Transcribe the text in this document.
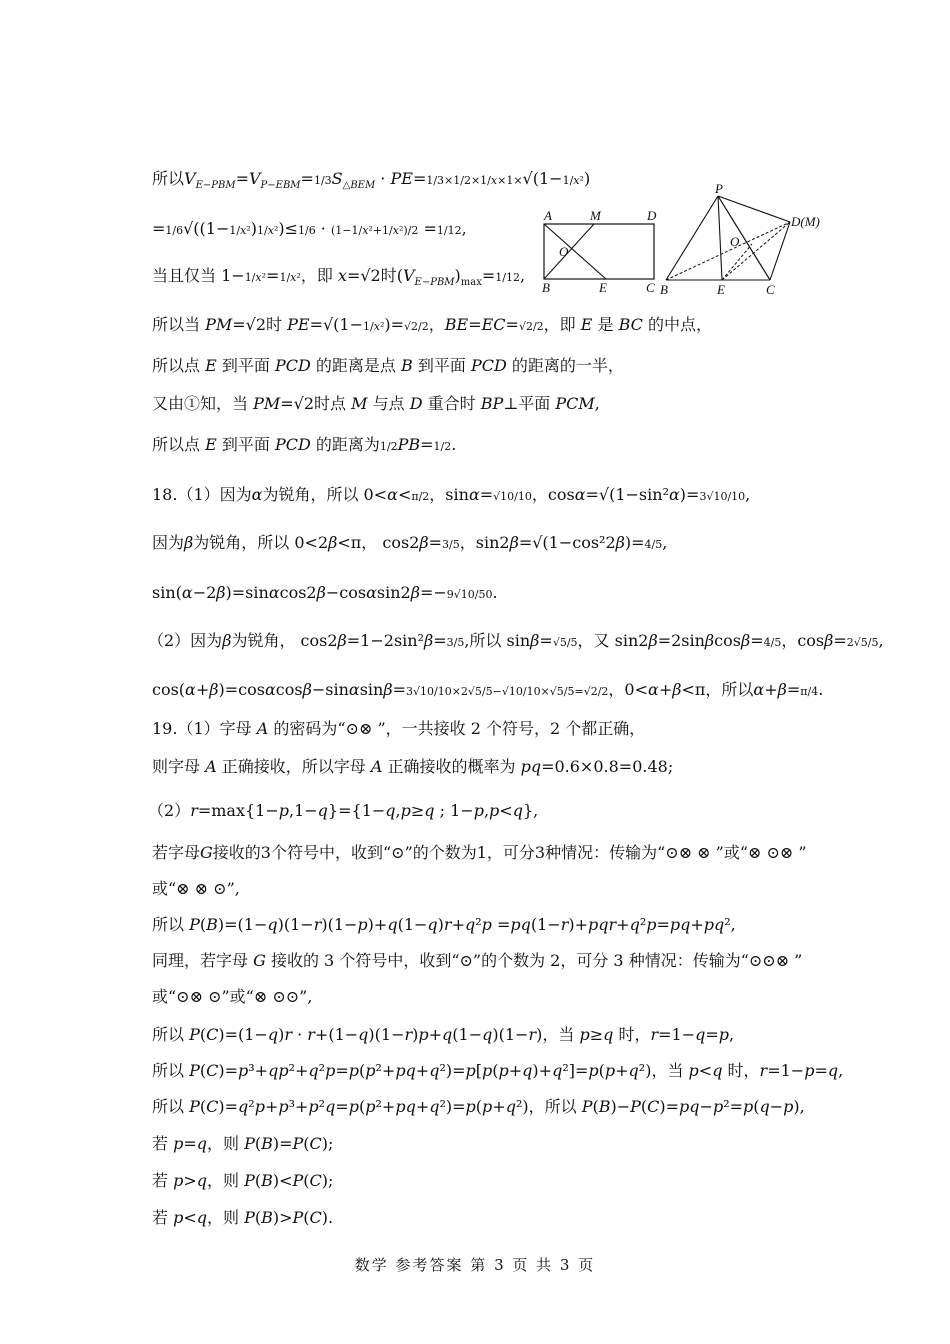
所以$V_{E-PBM}=V_{P-EBM}=1/3S_{\triangle BEM} \cdot PE=1/3\times 1/2\times 1/x\times 1\times√(1-1/x^2)$
=1/6√((1−1/x²)1/x²)≤1/6 · (1−1/x²+1/x²)/2 =1/12,
当且仅当 1−1/x²=1/x²，即 x=√2时$(V_{E-PBM})_{max}=1/12$,
所以当 PM=√2时 PE=√(1−1/x²)=√2/2，BE=EC=√2/2，即 E 是 BC 的中点，
所以点 E 到平面 PCD 的距离是点 B 到平面 PCD 的距离的一半，
又由①知，当 PM=√2时点 M 与点 D 重合时 BP⊥平面 PCM,
所以点 E 到平面 PCD 的距离为1/2PB=1/2.
18.（1）因为α为锐角，所以 0<α<π/2，sinα=√10/10，cosα=√(1−sin²α)=3√10/10,
因为β为锐角，所以 0<2β<π， cos2β=3/5，sin2β=√(1−cos²2β)=4/5,
sin(α−2β)=sinαcos2β−cosαsin2β=−9√10/50.
（2）因为β为锐角， cos2β=1−2sin²β=3/5,所以 sinβ=√5/5，又 sin2β=2sinβcosβ=4/5，cosβ=2√5/5,
cos(α+β)=cosαcosβ−sinαsinβ=3√10/10×2√5/5−√10/10×√5/5=√2/2，0<α+β<π，所以α+β=π/4.
19.（1）字母 A 的密码为“⊙⊗ ”，一共接收 2 个符号，2 个都正确，
则字母 A 正确接收，所以字母 A 正确接收的概率为 pq=0.6×0.8=0.48;
（2）r=max{1−p,1−q}={1−q,p≥q ; 1−p,p<q},
若字母G接收的3个符号中，收到“⊙”的个数为1，可分3种情况：传输为“⊙⊗ ⊗ ”或“⊗ ⊙⊗ ”
或“⊗ ⊗ ⊙”,
所以 P(B)=(1−q)(1−r)(1−p)+q(1−q)r+q²p =pq(1−r)+pqr+q²p=pq+pq²,
同理，若字母 G 接收的 3 个符号中，收到“⊙”的个数为 2，可分 3 种情况：传输为“⊙⊙⊗ ”
或“⊙⊗ ⊙”或“⊗ ⊙⊙”,
所以 P(C)=(1−q)r · r+(1−q)(1−r)p+q(1−q)(1−r)，当 p≥q 时，r=1−q=p,
所以 P(C)=p³+qp²+q²p=p(p²+pq+q²)=p[p(p+q)+q²]=p(p+q²)，当 p<q 时，r=1−p=q,
所以 P(C)=q²p+p³+p²q=p(p²+pq+q²)=p(p+q²)，所以 P(B)−P(C)=pq−p²=p(q−p),
若 p=q，则 P(B)=P(C);
若 p>q，则 P(B)<P(C);
若 p<q，则 P(B)>P(C).
A	M	D
O
B	E	C
P
D(M)
O
B	E	C
数学 参考答案 第 3 页 共 3 页
